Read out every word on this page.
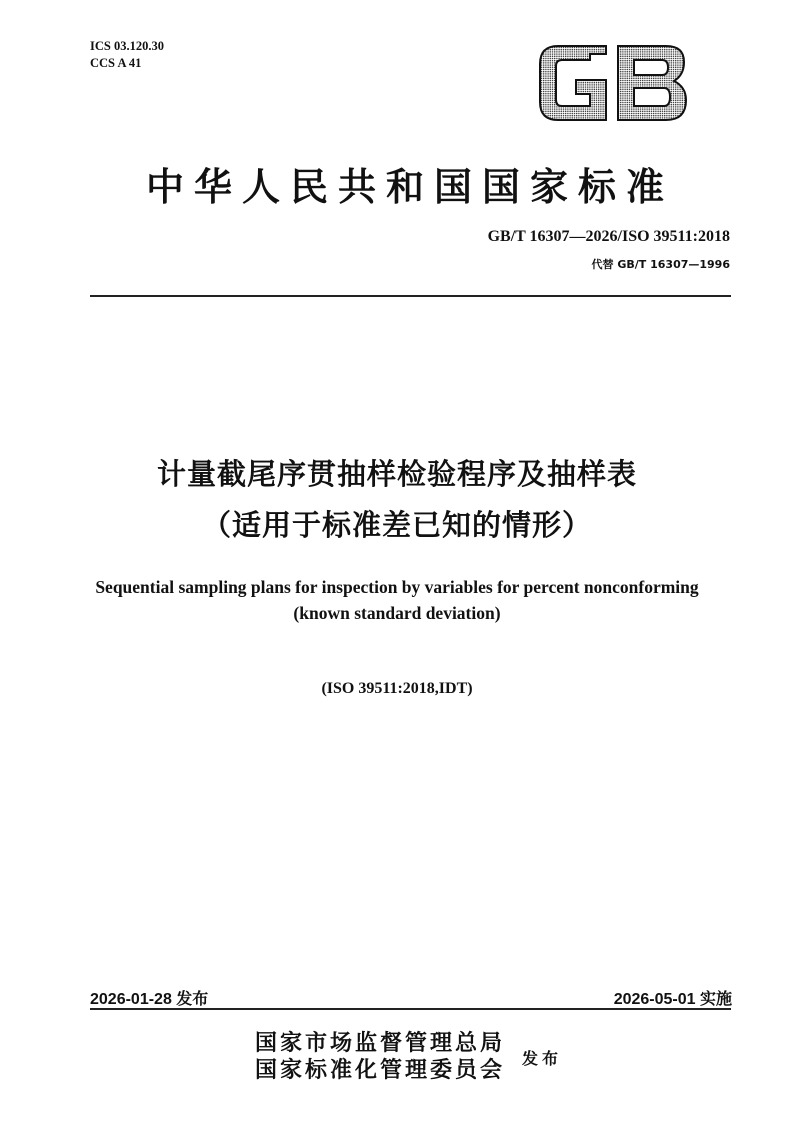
ICS 03.120.30
CCS A 41
中华人民共和国国家标准
GB/T 16307—2026/ISO 39511:2018
代替 GB/T 16307—1996
计量截尾序贯抽样检验程序及抽样表
（适用于标准差已知的情形）
Sequential sampling plans for inspection by variables for percent nonconforming
(known standard deviation)
(ISO 39511:2018,IDT)
2026-01-28 发布	2026-05-01 实施
国家市场监督管理总局
国家标准化管理委员会 发布
